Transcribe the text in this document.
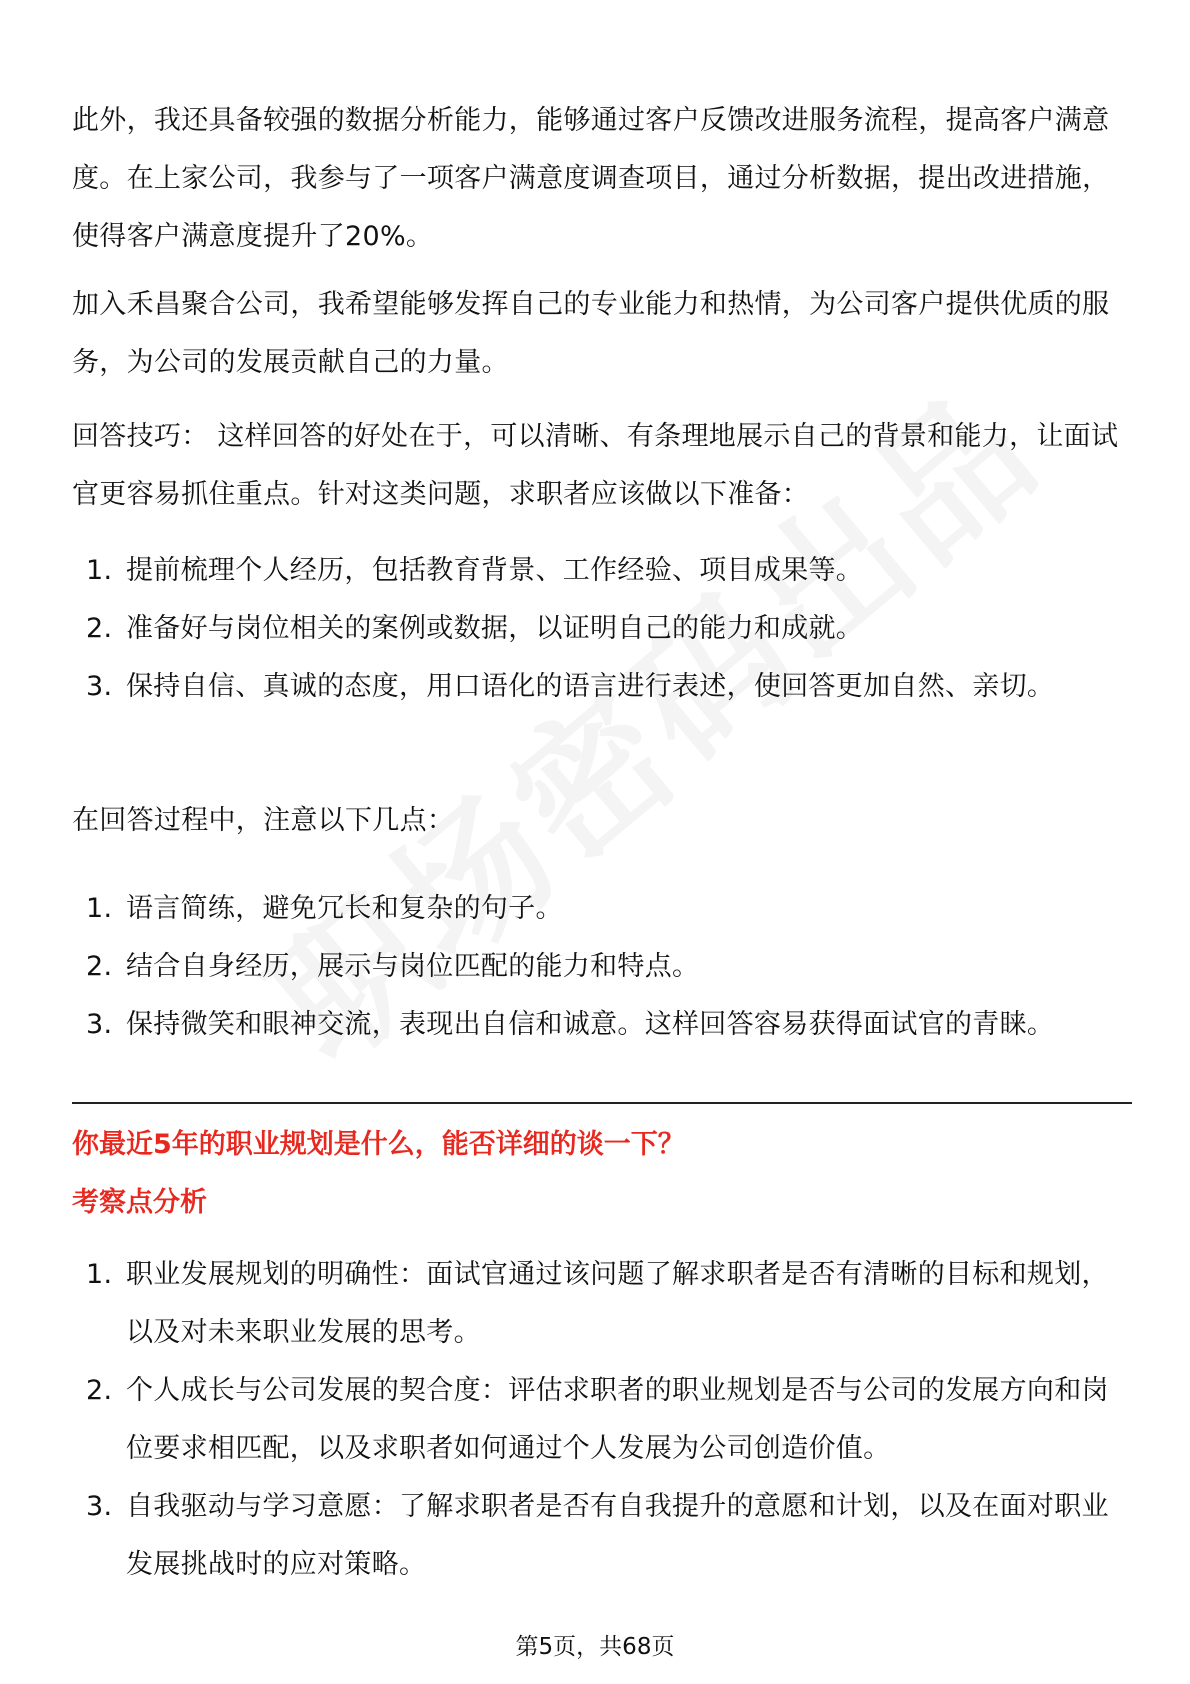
此外，我还具备较强的数据分析能力，能够通过客户反馈改进服务流程，提高客户满意度。在上家公司，我参与了一项客户满意度调查项目，通过分析数据，提出改进措施，使得客户满意度提升了20%。

加入禾昌聚合公司，我希望能够发挥自己的专业能力和热情，为公司客户提供优质的服务，为公司的发展贡献自己的力量。

回答技巧： 这样回答的好处在于，可以清晰、有条理地展示自己的背景和能力，让面试官更容易抓住重点。针对这类问题，求职者应该做以下准备：

1. 提前梳理个人经历，包括教育背景、工作经验、项目成果等。
2. 准备好与岗位相关的案例或数据，以证明自己的能力和成就。
3. 保持自信、真诚的态度，用口语化的语言进行表述，使回答更加自然、亲切。

在回答过程中，注意以下几点：

1. 语言简练，避免冗长和复杂的句子。
2. 结合自身经历，展示与岗位匹配的能力和特点。
3. 保持微笑和眼神交流，表现出自信和诚意。这样回答容易获得面试官的青睐。
你最近5年的职业规划是什么，能否详细的谈一下？
考察点分析
1. 职业发展规划的明确性：面试官通过该问题了解求职者是否有清晰的目标和规划，以及对未来职业发展的思考。
2. 个人成长与公司发展的契合度：评估求职者的职业规划是否与公司的发展方向和岗位要求相匹配，以及求职者如何通过个人发展为公司创造价值。
3. 自我驱动与学习意愿：了解求职者是否有自我提升的意愿和计划，以及在面对职业发展挑战时的应对策略。
第5页，共68页
